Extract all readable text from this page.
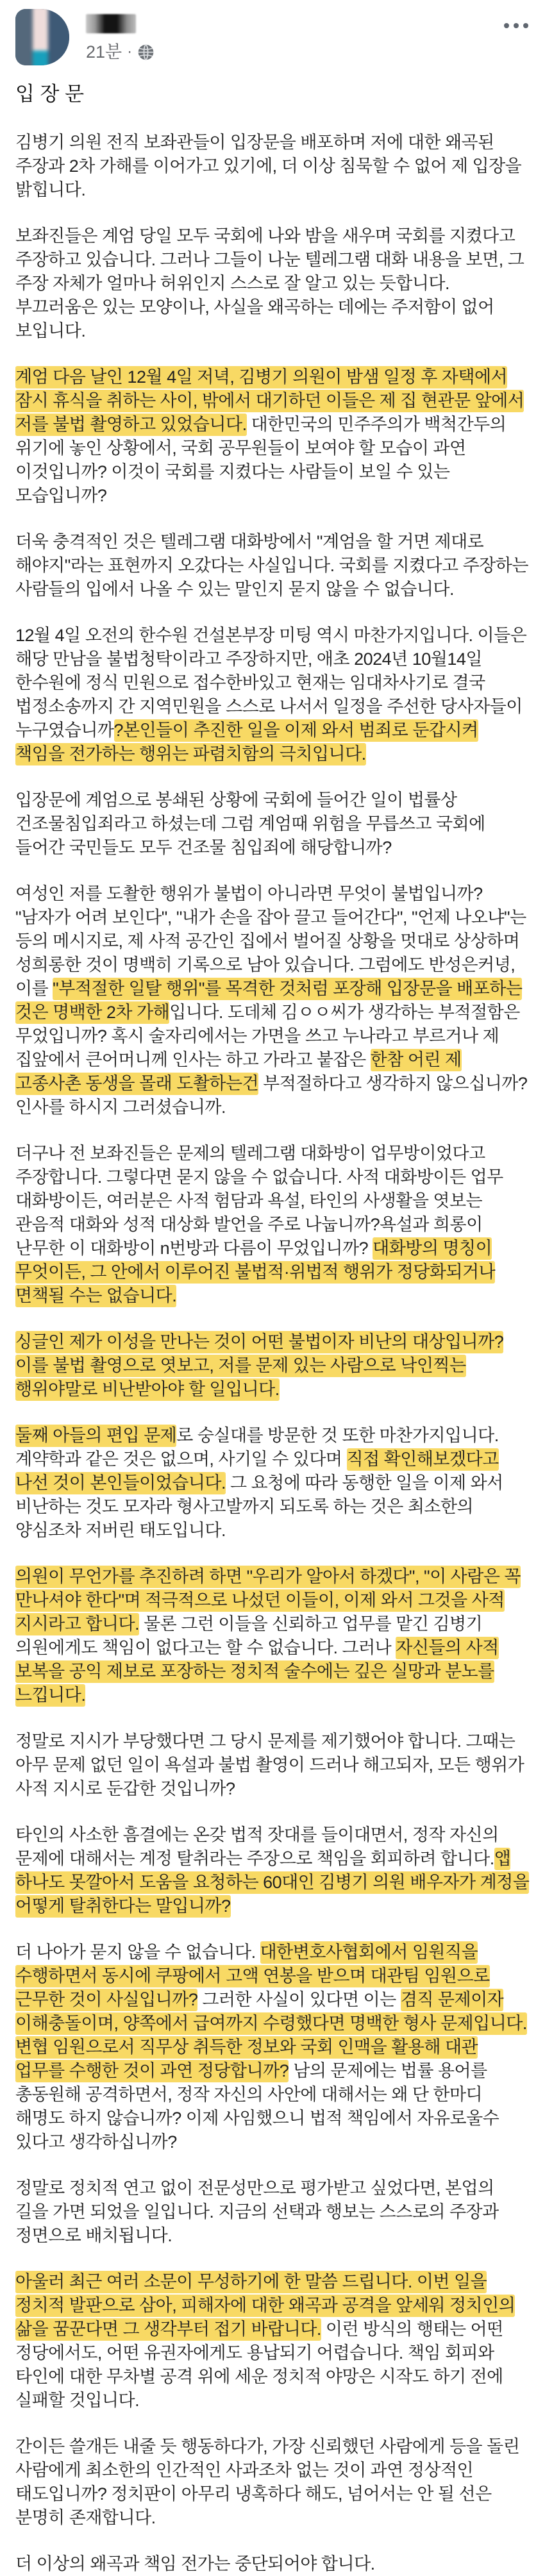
21분 ·
입 장 문

김병기 의원 전직 보좌관들이 입장문을 배포하며 저에 대한 왜곡된 주장과 2차 가해를 이어가고 있기에, 더 이상 침묵할 수 없어 제 입장을 밝힙니다.

보좌진들은 계엄 당일 모두 국회에 나와 밤을 새우며 국회를 지켰다고 주장하고 있습니다. 그러나 그들이 나눈 텔레그램 대화 내용을 보면, 그 주장 자체가 얼마나 허위인지 스스로 잘 알고 있는 듯합니다. 부끄러움은 있는 모양이나, 사실을 왜곡하는 데에는 주저함이 없어 보입니다.

계엄 다음 날인 12월 4일 저녁, 김병기 의원이 밤샘 일정 후 자택에서 잠시 휴식을 취하는 사이, 밖에서 대기하던 이들은 제 집 현관문 앞에서 저를 불법 촬영하고 있었습니다. 대한민국의 민주주의가 백척간두의 위기에 놓인 상황에서, 국회 공무원들이 보여야 할 모습이 과연 이것입니까? 이것이 국회를 지켰다는 사람들이 보일 수 있는 모습입니까?

더욱 충격적인 것은 텔레그램 대화방에서 "계엄을 할 거면 제대로 해야지"라는 표현까지 오갔다는 사실입니다. 국회를 지켰다고 주장하는 사람들의 입에서 나올 수 있는 말인지 묻지 않을 수 없습니다.

12월 4일 오전의 한수원 건설본부장 미팅 역시 마찬가지입니다. 이들은 해당 만남을 불법청탁이라고 주장하지만, 애초 2024년 10월14일 한수원에 정식 민원으로 접수한바있고 현재는 임대차사기로 결국 법정소송까지 간 지역민원을 스스로 나서서 일정을 주선한 당사자들이 누구였습니까?본인들이 추진한 일을 이제 와서 범죄로 둔갑시켜 책임을 전가하는 행위는 파렴치함의 극치입니다.

입장문에 계엄으로 봉쇄된 상황에 국회에 들어간 일이 법률상 건조물침입죄라고 하셨는데 그럼 계엄때 위험을 무릅쓰고 국회에 들어간 국민들도 모두 건조물 침입죄에 해당합니까?

여성인 저를 도촬한 행위가 불법이 아니라면 무엇이 불법입니까? "남자가 어려 보인다", "내가 손을 잡아 끌고 들어간다", "언제 나오냐"는 등의 메시지로, 제 사적 공간인 집에서 벌어질 상황을 멋대로 상상하며 성희롱한 것이 명백히 기록으로 남아 있습니다. 그럼에도 반성은커녕, 이를 "부적절한 일탈 행위"를 목격한 것처럼 포장해 입장문을 배포하는 것은 명백한 2차 가해입니다. 도데체 김ㅇㅇ씨가 생각하는 부적절함은 무었입니까? 혹시 술자리에서는 가면을 쓰고 누나라고 부르거나 제 집앞에서 큰어머니께 인사는 하고 가라고 붙잡은 한참 어린 제 고종사촌 동생을 몰래 도촬하는건 부적절하다고 생각하지 않으십니까? 인사를 하시지 그러셨습니까.

더구나 전 보좌진들은 문제의 텔레그램 대화방이 업무방이었다고 주장합니다. 그렇다면 묻지 않을 수 없습니다. 사적 대화방이든 업무 대화방이든, 여러분은 사적 험담과 욕설, 타인의 사생활을 엿보는 관음적 대화와 성적 대상화 발언을 주로 나눕니까?욕설과 희롱이 난무한 이 대화방이 n번방과 다름이 무었입니까? 대화방의 명칭이 무엇이든, 그 안에서 이루어진 불법적·위법적 행위가 정당화되거나 면책될 수는 없습니다.

싱글인 제가 이성을 만나는 것이 어떤 불법이자 비난의 대상입니까? 이를 불법 촬영으로 엿보고, 저를 문제 있는 사람으로 낙인찍는 행위야말로 비난받아야 할 일입니다.

둘째 아들의 편입 문제로 숭실대를 방문한 것 또한 마찬가지입니다. 계약학과 같은 것은 없으며, 사기일 수 있다며 직접 확인해보겠다고 나선 것이 본인들이었습니다. 그 요청에 따라 동행한 일을 이제 와서 비난하는 것도 모자라 형사고발까지 되도록 하는 것은 최소한의 양심조차 저버린 태도입니다.

의원이 무언가를 추진하려 하면 "우리가 알아서 하겠다", "이 사람은 꼭 만나셔야 한다"며 적극적으로 나섰던 이들이, 이제 와서 그것을 사적 지시라고 합니다. 물론 그런 이들을 신뢰하고 업무를 맡긴 김병기 의원에게도 책임이 없다고는 할 수 없습니다. 그러나 자신들의 사적 보복을 공익 제보로 포장하는 정치적 술수에는 깊은 실망과 분노를 느낍니다.

정말로 지시가 부당했다면 그 당시 문제를 제기했어야 합니다. 그때는 아무 문제 없던 일이 욕설과 불법 촬영이 드러나 해고되자, 모든 행위가 사적 지시로 둔갑한 것입니까?

타인의 사소한 흠결에는 온갖 법적 잣대를 들이대면서, 정작 자신의 문제에 대해서는 계정 탈취라는 주장으로 책임을 회피하려 합니다.앱 하나도 못깔아서 도움을 요청하는 60대인 김병기 의원 배우자가 계정을 어떻게 탈취한다는 말입니까?

더 나아가 묻지 않을 수 없습니다. 대한변호사협회에서 임원직을 수행하면서 동시에 쿠팡에서 고액 연봉을 받으며 대관팀 임원으로 근무한 것이 사실입니까? 그러한 사실이 있다면 이는 겸직 문제이자 이해충돌이며, 양쪽에서 급여까지 수령했다면 명백한 형사 문제입니다. 변협 임원으로서 직무상 취득한 정보와 국회 인맥을 활용해 대관 업무를 수행한 것이 과연 정당합니까? 남의 문제에는 법률 용어를 총동원해 공격하면서, 정작 자신의 사안에 대해서는 왜 단 한마디 해명도 하지 않습니까? 이제 사임했으니 법적 책임에서 자유로울수 있다고 생각하십니까?

정말로 정치적 연고 없이 전문성만으로 평가받고 싶었다면, 본업의 길을 가면 되었을 일입니다. 지금의 선택과 행보는 스스로의 주장과 정면으로 배치됩니다.

아울러 최근 여러 소문이 무성하기에 한 말씀 드립니다. 이번 일을 정치적 발판으로 삼아, 피해자에 대한 왜곡과 공격을 앞세워 정치인의 삶을 꿈꾼다면 그 생각부터 접기 바랍니다. 이런 방식의 행태는 어떤 정당에서도, 어떤 유권자에게도 용납되기 어렵습니다. 책임 회피와 타인에 대한 무차별 공격 위에 세운 정치적 야망은 시작도 하기 전에 실패할 것입니다.

간이든 쓸개든 내줄 듯 행동하다가, 가장 신뢰했던 사람에게 등을 돌린 사람에게 최소한의 인간적인 사과조차 없는 것이 과연 정상적인 태도입니까? 정치판이 아무리 냉혹하다 해도, 넘어서는 안 될 선은 분명히 존재합니다.

더 이상의 왜곡과 책임 전가는 중단되어야 합니다.
